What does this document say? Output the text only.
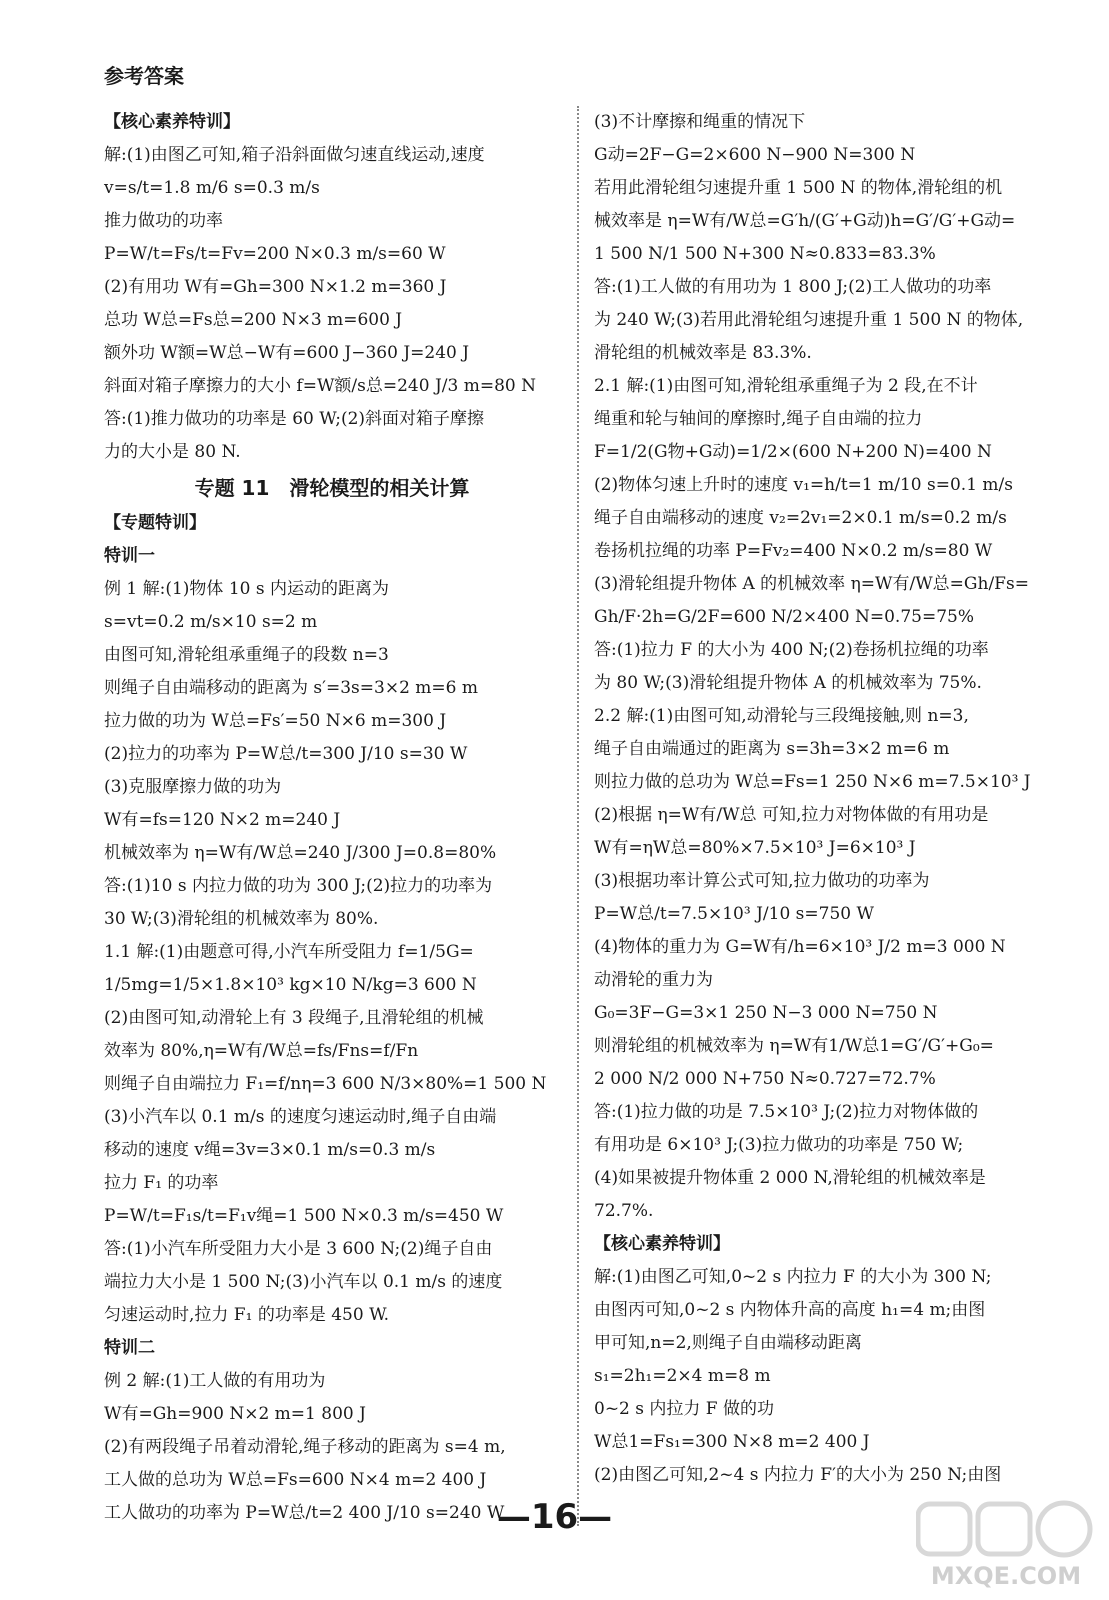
参考答案

【核心素养特训】

解:(1)由图乙可知,箱子沿斜面做匀速直线运动,速度

v=s/t=1.8 m/6 s=0.3 m/s

推力做功的功率

P=W/t=Fs/t=Fv=200 N×0.3 m/s=60 W

(2)有用功 W有=Gh=300 N×1.2 m=360 J

总功 W总=Fs总=200 N×3 m=600 J

额外功 W额=W总−W有=600 J−360 J=240 J

斜面对箱子摩擦力的大小 f=W额/s总=240 J/3 m=80 N

答:(1)推力做功的功率是 60 W;(2)斜面对箱子摩擦

力的大小是 80 N.

专题 11　滑轮模型的相关计算

【专题特训】

特训一

例 1 解:(1)物体 10 s 内运动的距离为

s=vt=0.2 m/s×10 s=2 m

由图可知,滑轮组承重绳子的段数 n=3

则绳子自由端移动的距离为 s′=3s=3×2 m=6 m

拉力做的功为 W总=Fs′=50 N×6 m=300 J

(2)拉力的功率为 P=W总/t=300 J/10 s=30 W

(3)克服摩擦力做的功为

W有=fs=120 N×2 m=240 J

机械效率为 η=W有/W总=240 J/300 J=0.8=80%

答:(1)10 s 内拉力做的功为 300 J;(2)拉力的功率为

30 W;(3)滑轮组的机械效率为 80%.

1.1 解:(1)由题意可得,小汽车所受阻力 f=1/5G=

1/5mg=1/5×1.8×10³ kg×10 N/kg=3 600 N

(2)由图可知,动滑轮上有 3 段绳子,且滑轮组的机械

效率为 80%,η=W有/W总=fs/Fns=f/Fn

则绳子自由端拉力 F₁=f/nη=3 600 N/3×80%=1 500 N

(3)小汽车以 0.1 m/s 的速度匀速运动时,绳子自由端

移动的速度 v绳=3v=3×0.1 m/s=0.3 m/s

拉力 F₁ 的功率

P=W/t=F₁s/t=F₁v绳=1 500 N×0.3 m/s=450 W

答:(1)小汽车所受阻力大小是 3 600 N;(2)绳子自由

端拉力大小是 1 500 N;(3)小汽车以 0.1 m/s 的速度

匀速运动时,拉力 F₁ 的功率是 450 W.

特训二

例 2 解:(1)工人做的有用功为

W有=Gh=900 N×2 m=1 800 J

(2)有两段绳子吊着动滑轮,绳子移动的距离为 s=4 m,

工人做的总功为 W总=Fs=600 N×4 m=2 400 J

工人做功的功率为 P=W总/t=2 400 J/10 s=240 W

(3)不计摩擦和绳重的情况下

G动=2F−G=2×600 N−900 N=300 N

若用此滑轮组匀速提升重 1 500 N 的物体,滑轮组的机

械效率是 η=W有/W总=G′h/(G′+G动)h=G′/G′+G动=

1 500 N/1 500 N+300 N≈0.833=83.3%

答:(1)工人做的有用功为 1 800 J;(2)工人做功的功率

为 240 W;(3)若用此滑轮组匀速提升重 1 500 N 的物体,

滑轮组的机械效率是 83.3%.

2.1 解:(1)由图可知,滑轮组承重绳子为 2 段,在不计

绳重和轮与轴间的摩擦时,绳子自由端的拉力

F=1/2(G物+G动)=1/2×(600 N+200 N)=400 N

(2)物体匀速上升时的速度 v₁=h/t=1 m/10 s=0.1 m/s

绳子自由端移动的速度 v₂=2v₁=2×0.1 m/s=0.2 m/s

卷扬机拉绳的功率 P=Fv₂=400 N×0.2 m/s=80 W

(3)滑轮组提升物体 A 的机械效率 η=W有/W总=Gh/Fs=

Gh/F·2h=G/2F=600 N/2×400 N=0.75=75%

答:(1)拉力 F 的大小为 400 N;(2)卷扬机拉绳的功率

为 80 W;(3)滑轮组提升物体 A 的机械效率为 75%.

2.2 解:(1)由图可知,动滑轮与三段绳接触,则 n=3,

绳子自由端通过的距离为 s=3h=3×2 m=6 m

则拉力做的总功为 W总=Fs=1 250 N×6 m=7.5×10³ J

(2)根据 η=W有/W总 可知,拉力对物体做的有用功是

W有=ηW总=80%×7.5×10³ J=6×10³ J

(3)根据功率计算公式可知,拉力做功的功率为

P=W总/t=7.5×10³ J/10 s=750 W

(4)物体的重力为 G=W有/h=6×10³ J/2 m=3 000 N

动滑轮的重力为

G₀=3F−G=3×1 250 N−3 000 N=750 N

则滑轮组的机械效率为 η=W有1/W总1=G′/G′+G₀=

2 000 N/2 000 N+750 N≈0.727=72.7%

答:(1)拉力做的功是 7.5×10³ J;(2)拉力对物体做的

有用功是 6×10³ J;(3)拉力做功的功率是 750 W;

(4)如果被提升物体重 2 000 N,滑轮组的机械效率是

72.7%.

【核心素养特训】

解:(1)由图乙可知,0~2 s 内拉力 F 的大小为 300 N;

由图丙可知,0~2 s 内物体升高的高度 h₁=4 m;由图

甲可知,n=2,则绳子自由端移动距离

s₁=2h₁=2×4 m=8 m

0~2 s 内拉力 F 做的功

W总1=Fs₁=300 N×8 m=2 400 J

(2)由图乙可知,2~4 s 内拉力 F′的大小为 250 N;由图

—16—
MXQE.COM
